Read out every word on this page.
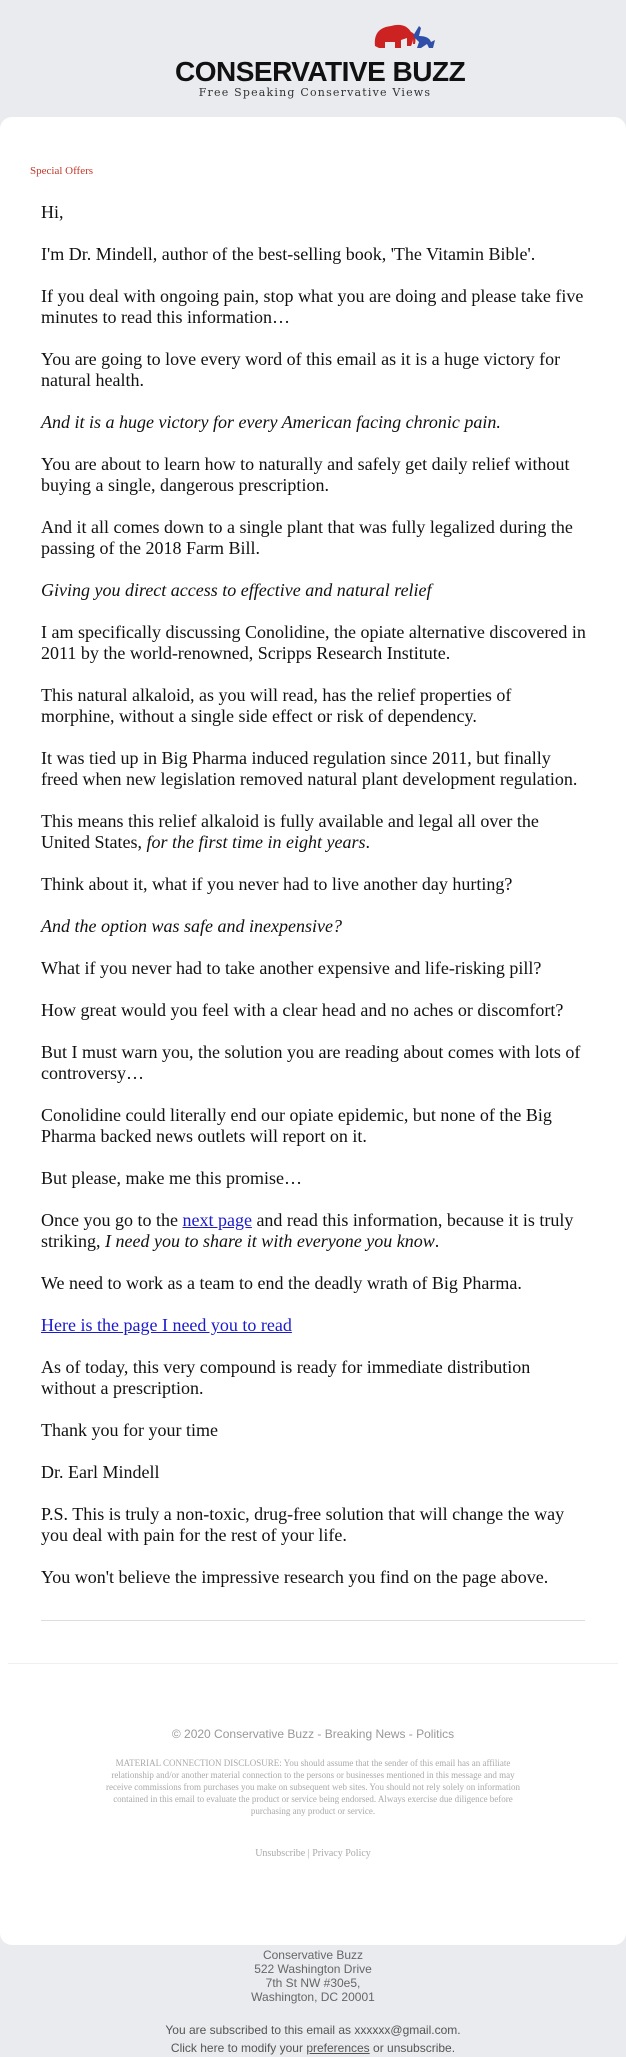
CONSERVATIVE BUZZ
Free Speaking Conservative Views
Special Offers

Hi,

I'm Dr. Mindell, author of the best-selling book, 'The Vitamin Bible'.

If you deal with ongoing pain, stop what you are doing and please take five minutes to read this information…

You are going to love every word of this email as it is a huge victory for natural health.

And it is a huge victory for every American facing chronic pain.

You are about to learn how to naturally and safely get daily relief without buying a single, dangerous prescription.

And it all comes down to a single plant that was fully legalized during the passing of the 2018 Farm Bill.

Giving you direct access to effective and natural relief

I am specifically discussing Conolidine, the opiate alternative discovered in 2011 by the world-renowned, Scripps Research Institute.

This natural alkaloid, as you will read, has the relief properties of morphine, without a single side effect or risk of dependency.

It was tied up in Big Pharma induced regulation since 2011, but finally freed when new legislation removed natural plant development regulation.

This means this relief alkaloid is fully available and legal all over the United States, for the first time in eight years.

Think about it, what if you never had to live another day hurting?

And the option was safe and inexpensive?

What if you never had to take another expensive and life-risking pill?

How great would you feel with a clear head and no aches or discomfort?

But I must warn you, the solution you are reading about comes with lots of controversy…

Conolidine could literally end our opiate epidemic, but none of the Big Pharma backed news outlets will report on it.

But please, make me this promise…

Once you go to the next page and read this information, because it is truly striking, I need you to share it with everyone you know.

We need to work as a team to end the deadly wrath of Big Pharma.

Here is the page I need you to read

As of today, this very compound is ready for immediate distribution without a prescription.

Thank you for your time

Dr. Earl Mindell

P.S. This is truly a non-toxic, drug-free solution that will change the way you deal with pain for the rest of your life.

You won't believe the impressive research you find on the page above.

© 2020 Conservative Buzz - Breaking News - Politics
MATERIAL CONNECTION DISCLOSURE: You should assume that the sender of this email has an affiliate relationship and/or another material connection to the persons or businesses mentioned in this message and may receive commissions from purchases you make on subsequent web sites. You should not rely solely on information contained in this email to evaluate the product or service being endorsed. Always exercise due diligence before purchasing any product or service.
Unsubscribe | Privacy Policy
Conservative Buzz
522 Washington Drive
7th St NW #30e5,
Washington, DC 20001
You are subscribed to this email as xxxxxx@gmail.com.
Click here to modify your preferences or unsubscribe.
